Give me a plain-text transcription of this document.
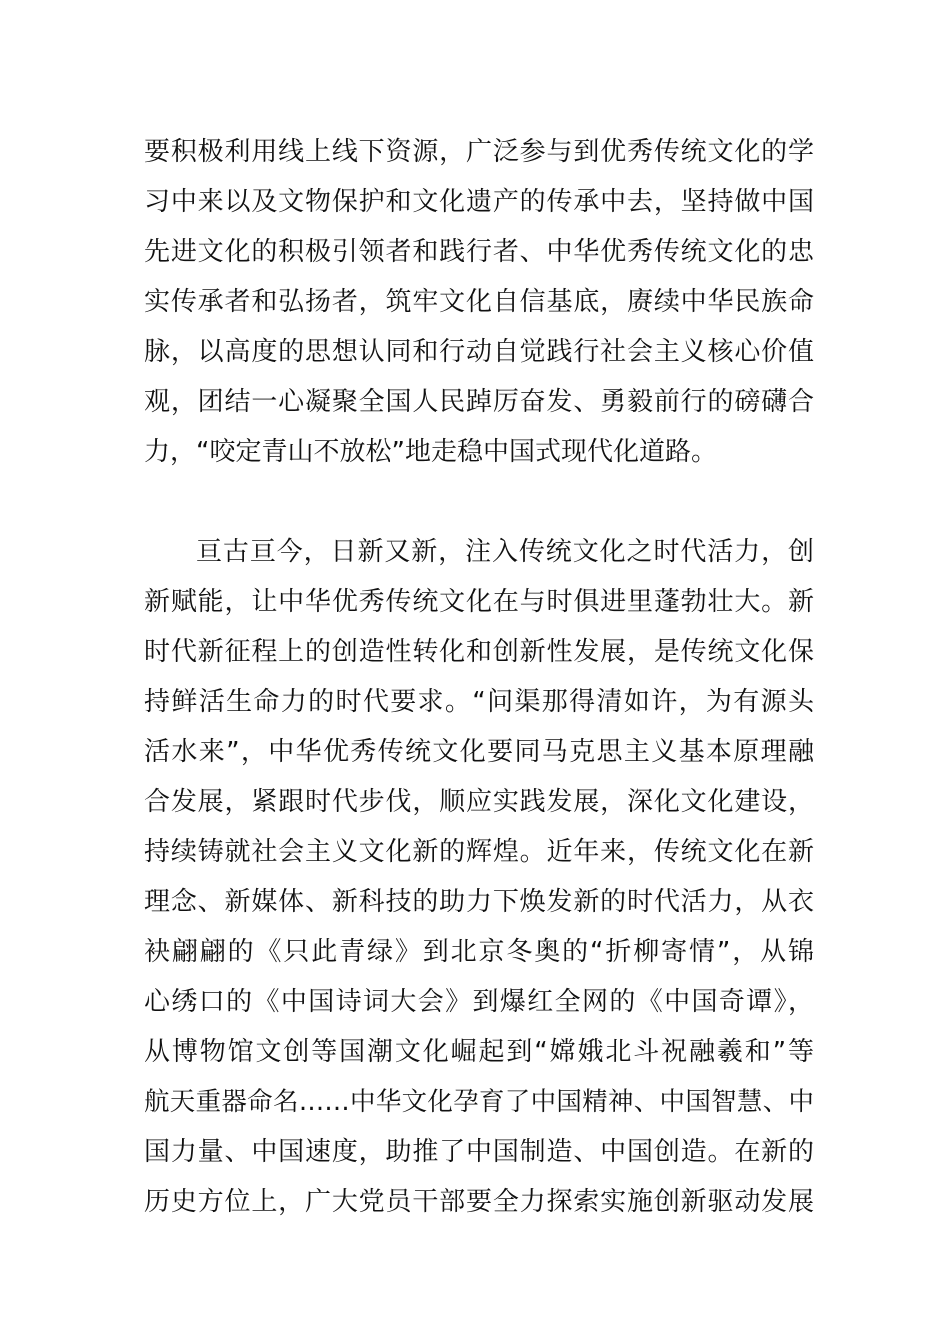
要积极利用线上线下资源，广泛参与到优秀传统文化的学
习中来以及文物保护和文化遗产的传承中去，坚持做中国
先进文化的积极引领者和践行者、中华优秀传统文化的忠
实传承者和弘扬者，筑牢文化自信基底，赓续中华民族命
脉，以高度的思想认同和行动自觉践行社会主义核心价值
观，团结一心凝聚全国人民踔厉奋发、勇毅前行的磅礴合
力，“咬定青山不放松”地走稳中国式现代化道路。
亘古亘今，日新又新，注入传统文化之时代活力，创
新赋能，让中华优秀传统文化在与时俱进里蓬勃壮大。新
时代新征程上的创造性转化和创新性发展，是传统文化保
持鲜活生命力的时代要求。“问渠那得清如许，为有源头
活水来”，中华优秀传统文化要同马克思主义基本原理融
合发展，紧跟时代步伐，顺应实践发展，深化文化建设，
持续铸就社会主义文化新的辉煌。近年来，传统文化在新
理念、新媒体、新科技的助力下焕发新的时代活力，从衣
袂翩翩的《只此青绿》到北京冬奥的“折柳寄情”，从锦
心绣口的《中国诗词大会》到爆红全网的《中国奇谭》，
从博物馆文创等国潮文化崛起到“嫦娥北斗祝融羲和”等
航天重器命名……中华文化孕育了中国精神、中国智慧、中
国力量、中国速度，助推了中国制造、中国创造。在新的
历史方位上，广大党员干部要全力探索实施创新驱动发展
